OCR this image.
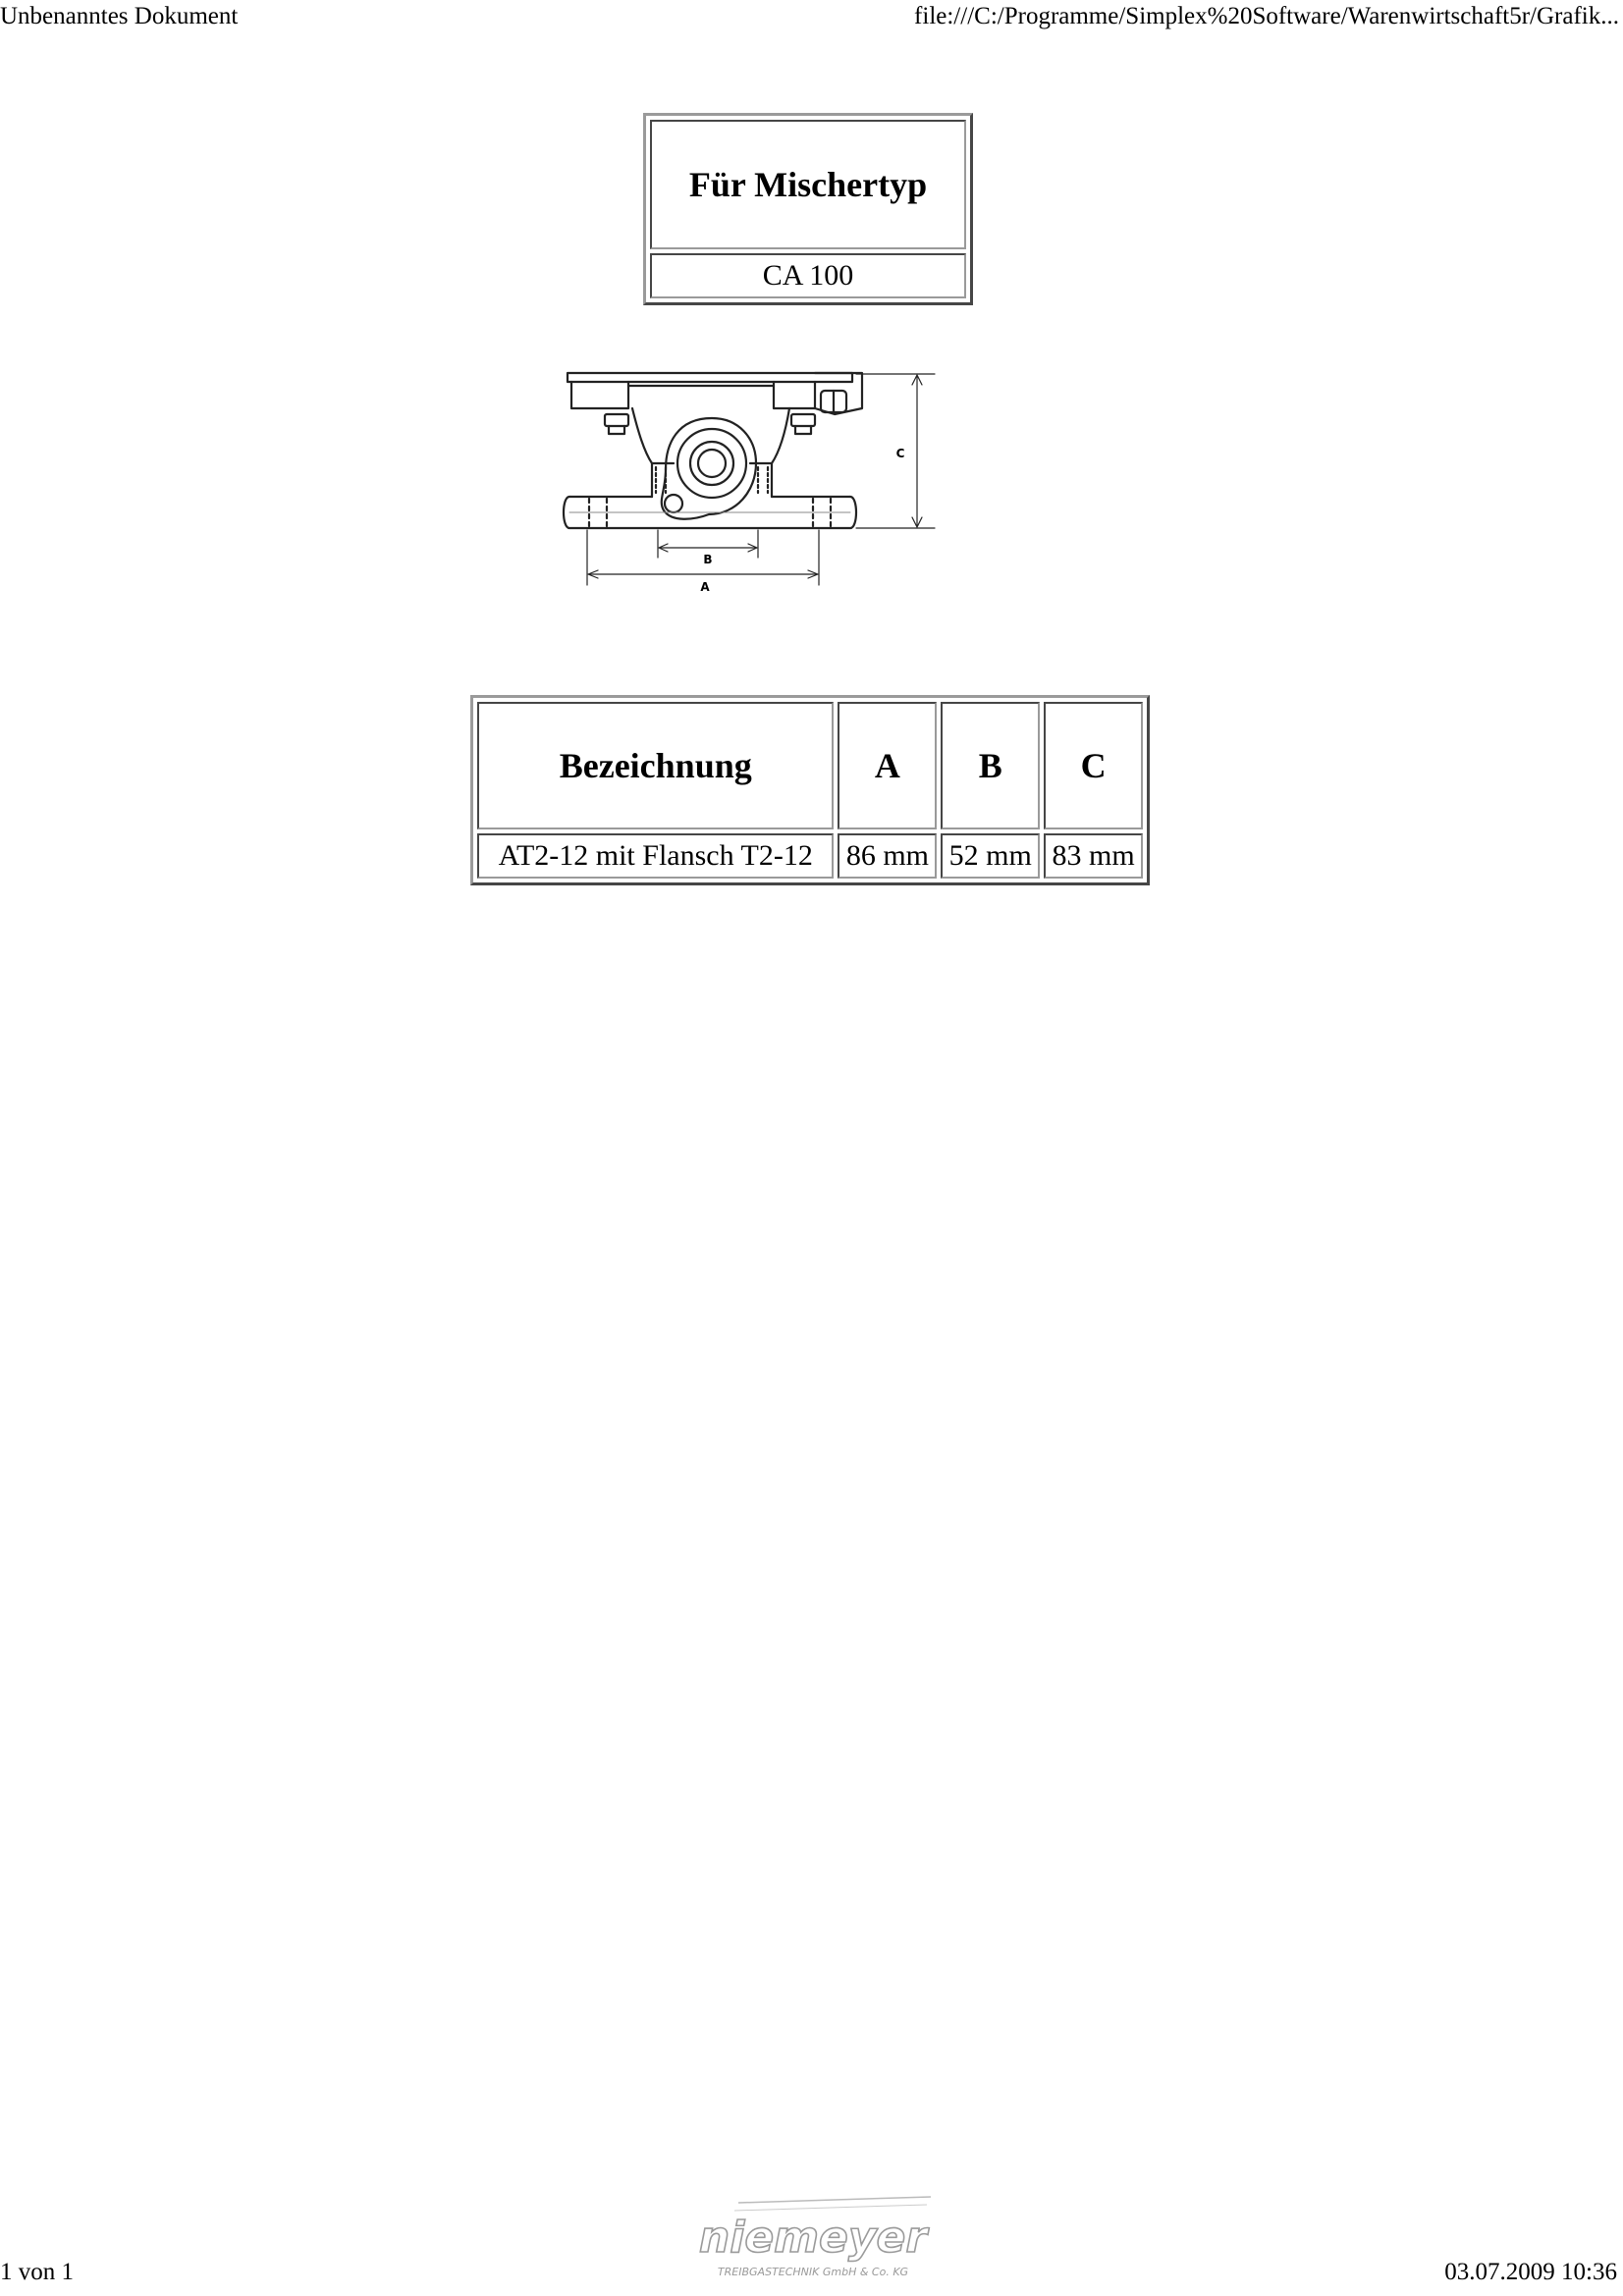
Unbenanntes Dokument	file:///C:/Programme/Simplex%20Software/Warenwirtschaft5r/Grafik...
Für Mischertyp
CA 100
C
B
A
Bezeichnung	A	B	C
AT2-12 mit Flansch T2-12	86 mm	52 mm	83 mm
niemeyer
TREIBGASTECHNIK GmbH & Co. KG
1 von 1	03.07.2009 10:36
